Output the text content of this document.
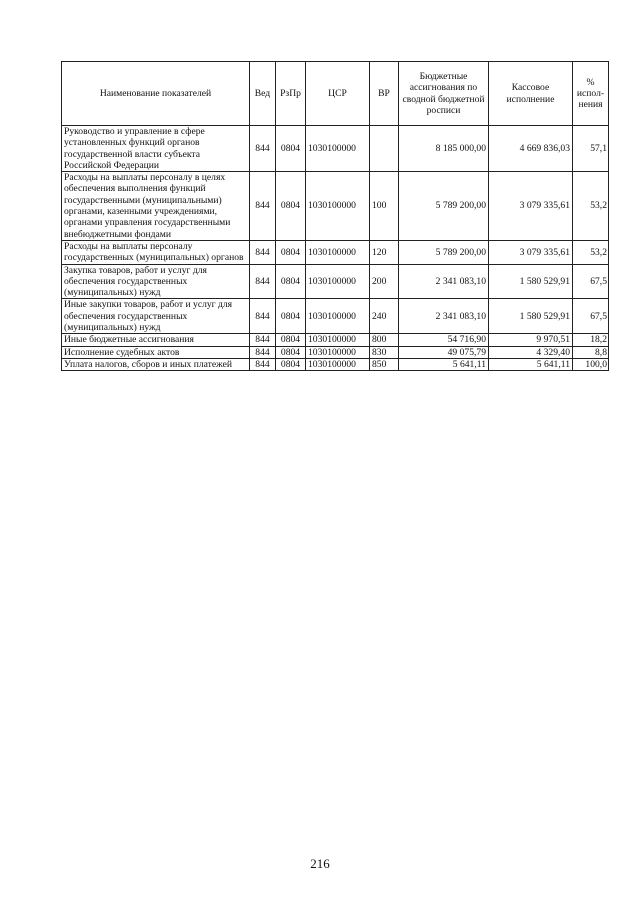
Наименование показателей	Вед	РзПр	ЦСР	ВР	Бюджетные ассигнования по сводной бюджетной росписи	Кассовое исполнение	% испол-нения
Руководство и управление в сфере установленных функций органов государственной власти субъекта Российской Федерации	844	0804	1030100000		8 185 000,00	4 669 836,03	57,1
Расходы на выплаты персоналу в целях обеспечения выполнения функций государственными (муниципальными) органами, казенными учреждениями, органами управления государственными внебюджетными фондами	844	0804	1030100000	100	5 789 200,00	3 079 335,61	53,2
Расходы на выплаты персоналу государственных (муниципальных) органов	844	0804	1030100000	120	5 789 200,00	3 079 335,61	53,2
Закупка товаров, работ и услуг для обеспечения государственных (муниципальных) нужд	844	0804	1030100000	200	2 341 083,10	1 580 529,91	67,5
Иные закупки товаров, работ и услуг для обеспечения государственных (муниципальных) нужд	844	0804	1030100000	240	2 341 083,10	1 580 529,91	67,5
Иные бюджетные ассигнования	844	0804	1030100000	800	54 716,90	9 970,51	18,2
Исполнение судебных актов	844	0804	1030100000	830	49 075,79	4 329,40	8,8
Уплата налогов, сборов и иных платежей	844	0804	1030100000	850	5 641,11	5 641,11	100,0
216
